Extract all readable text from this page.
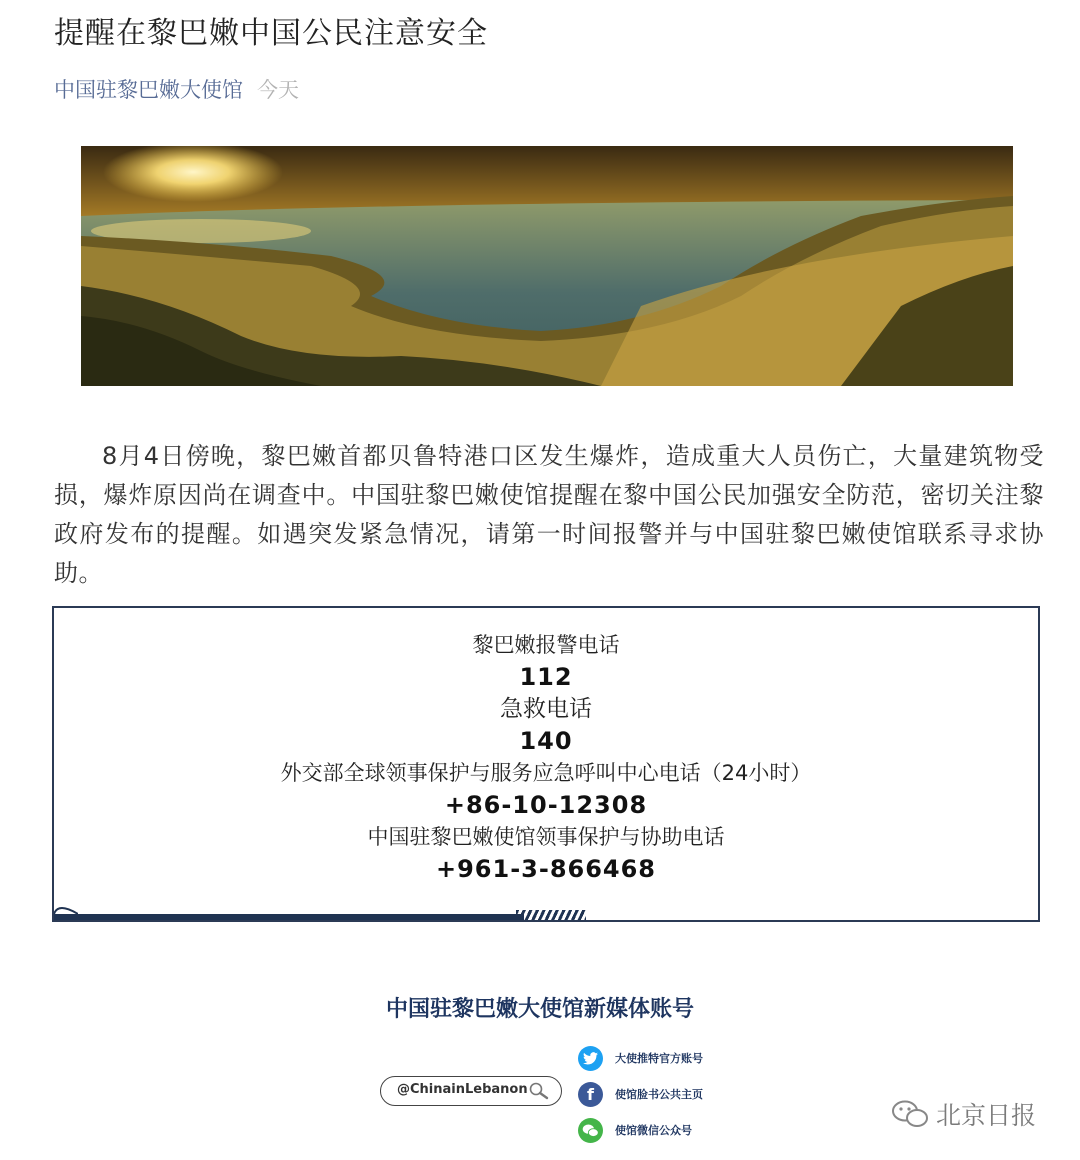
提醒在黎巴嫩中国公民注意安全
中国驻黎巴嫩大使馆 今天
8月4日傍晚，黎巴嫩首都贝鲁特港口区发生爆炸，造成重大人员伤亡，大量建筑物受损，爆炸原因尚在调查中。中国驻黎巴嫩使馆提醒在黎中国公民加强安全防范，密切关注黎政府发布的提醒。如遇突发紧急情况，请第一时间报警并与中国驻黎巴嫩使馆联系寻求协助。
黎巴嫩报警电话
112
急救电话
140
外交部全球领事保护与服务应急呼叫中心电话（24小时）
+86-10-12308
中国驻黎巴嫩使馆领事保护与协助电话
+961-3-866468
中国驻黎巴嫩大使馆新媒体账号
@ChinainLebanon
大使推特官方账号
f 使馆脸书公共主页
使馆微信公众号
北京日报
